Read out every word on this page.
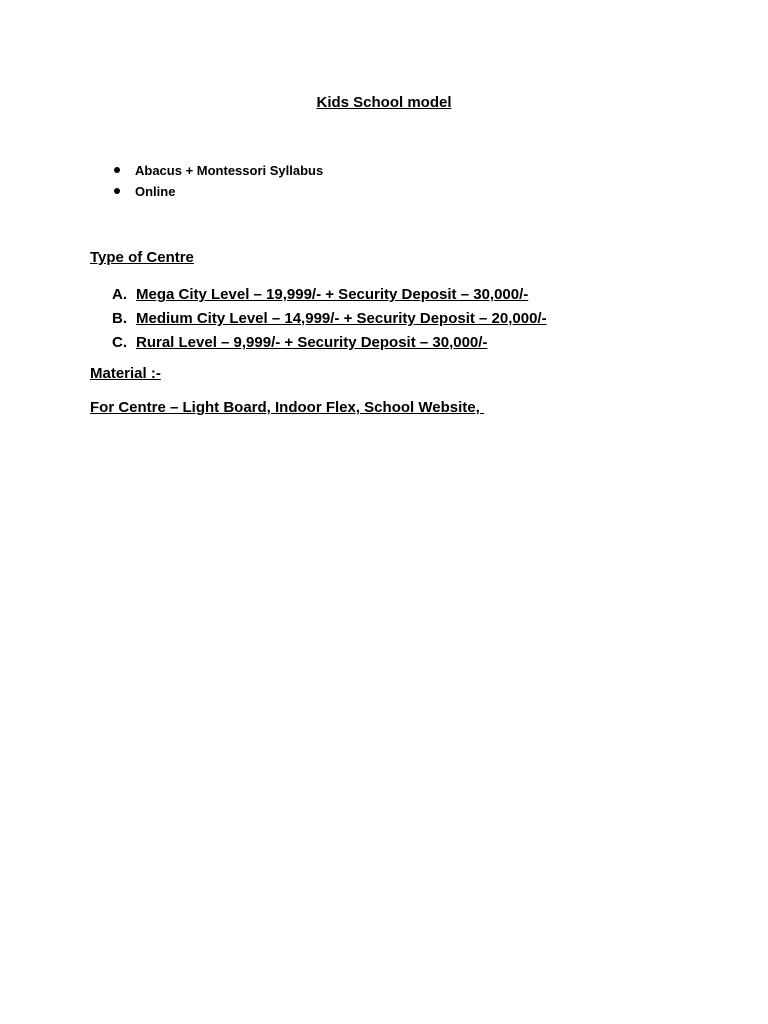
Kids School model
Abacus + Montessori Syllabus
Online
Type of Centre
A. Mega City Level – 19,999/- + Security Deposit – 30,000/-
B. Medium City Level – 14,999/- + Security Deposit – 20,000/-
C. Rural Level – 9,999/- + Security Deposit – 30,000/-
Material :-
For Centre – Light Board, Indoor Flex, School Website,
